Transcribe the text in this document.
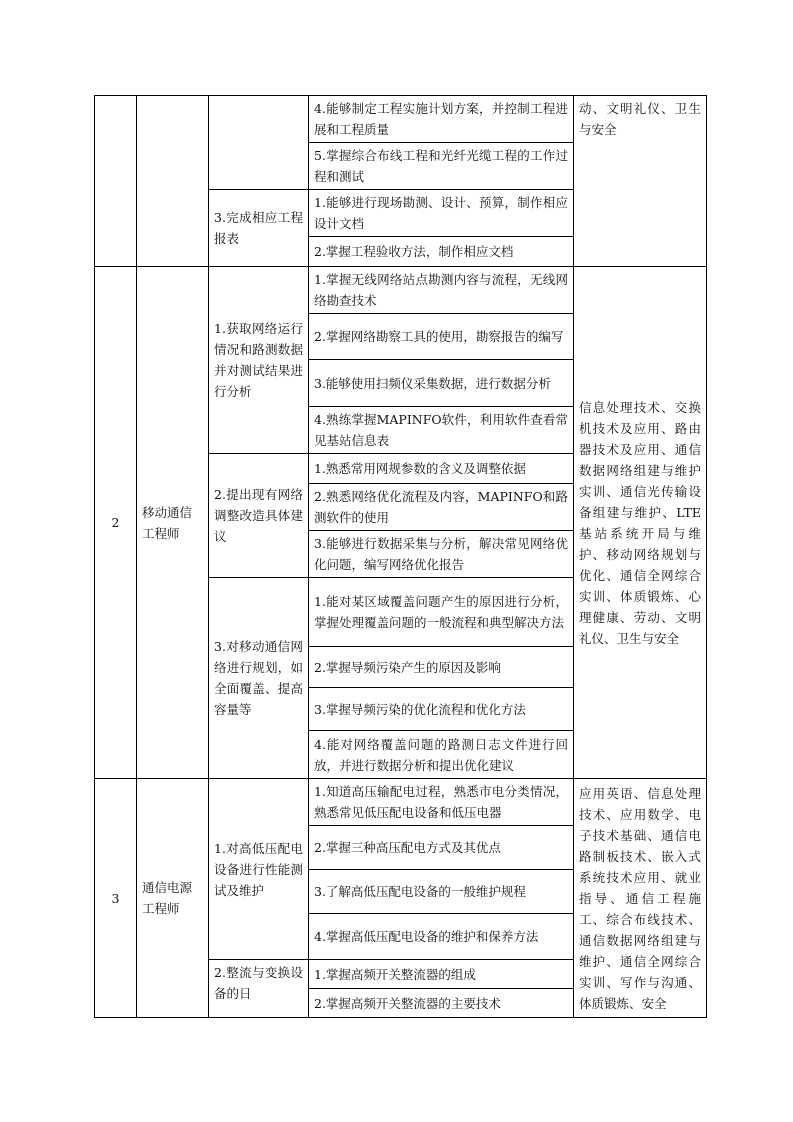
			4.能够制定工程实施计划方案，并控制工程进展和工程质量	动、文明礼仪、卫生与安全
			5.掌握综合布线工程和光纤光缆工程的工作过程和测试	
		3.完成相应工程报表	1.能够进行现场勘测、设计、预算，制作相应设计文档	
			2.掌握工程验收方法，制作相应文档	
2	移动通信工程师	1.获取网络运行情况和路测数据并对测试结果进行分析	1.掌握无线网络站点勘测内容与流程，无线网络勘查技术	信息处理技术、交换机技术及应用、路由器技术及应用、通信数据网络组建与维护实训、通信光传输设备组建与维护、LTE基站系统开局与维护、移动网络规划与优化、通信全网综合实训、体质锻炼、心理健康、劳动、文明礼仪、卫生与安全
			2.掌握网络勘察工具的使用，勘察报告的编写	
			3.能够使用扫频仪采集数据，进行数据分析	
			4.熟练掌握MAPINFO软件，利用软件查看常见基站信息表	
		2.提出现有网络调整改造具体建议	1.熟悉常用网规参数的含义及调整依据	
			2.熟悉网络优化流程及内容，MAPINFO和路测软件的使用	
			3.能够进行数据采集与分析，解决常见网络优化问题，编写网络优化报告	
		3.对移动通信网络进行规划，如全面覆盖、提高容量等	1.能对某区域覆盖问题产生的原因进行分析，掌握处理覆盖问题的一般流程和典型解决方法	
			2.掌握导频污染产生的原因及影响	
			3.掌握导频污染的优化流程和优化方法	
			4.能对网络覆盖问题的路测日志文件进行回放，并进行数据分析和提出优化建议	
3	通信电源工程师	1.对高低压配电设备进行性能测试及维护	1.知道高压输配电过程，熟悉市电分类情况，熟悉常见低压配电设备和低压电器	应用英语、信息处理技术、应用数学、电子技术基础、通信电路制板技术、嵌入式系统技术应用、就业指导、通信工程施工、综合布线技术、通信数据网络组建与维护、通信全网综合实训、写作与沟通、体质锻炼、安全
			2.掌握三种高压配电方式及其优点	
			3.了解高低压配电设备的一般维护规程	
			4.掌握高低压配电设备的维护和保养方法	
		2.整流与变换设备的日	1.掌握高频开关整流器的组成	
			2.掌握高频开关整流器的主要技术	
